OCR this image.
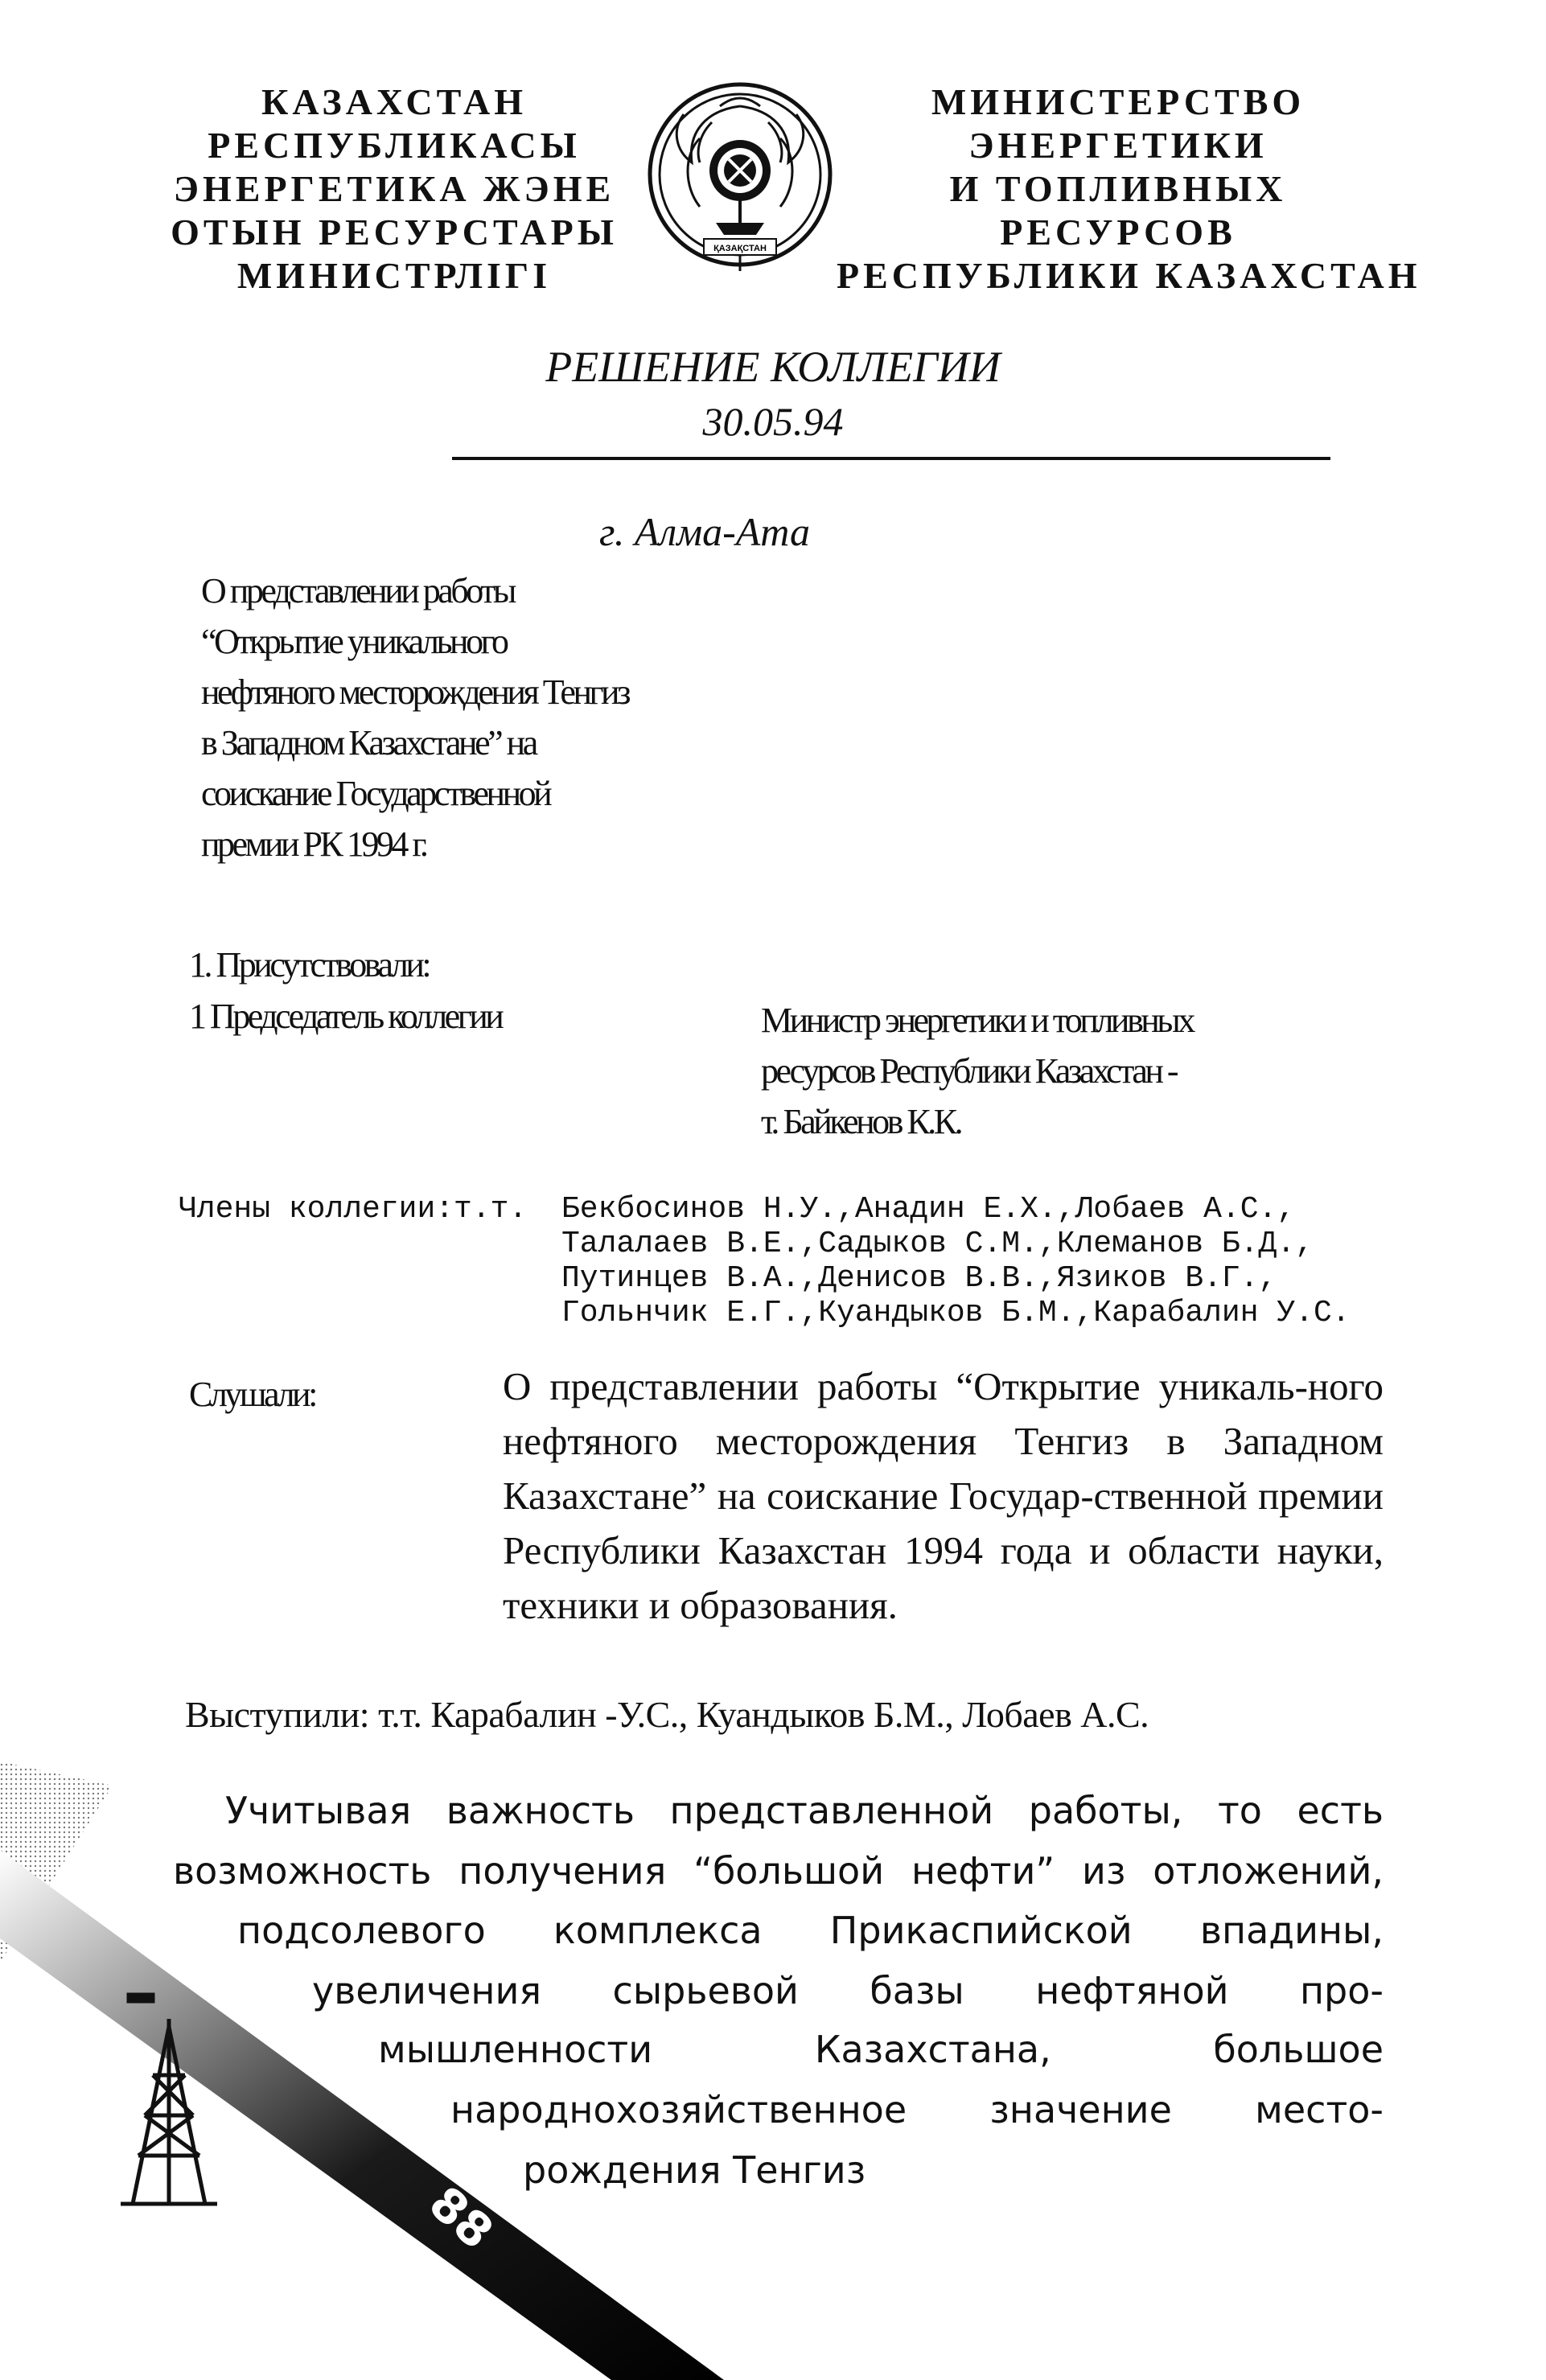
КАЗАХСТАН
РЕСПУБЛИКАСЫ
ЭНЕРГЕТИКА ЖЭНЕ
ОТЫН РЕСУРСТАРЫ
МИНИСТРЛІГІ
ҚАЗАҚСТАН
МИНИСТЕРСТВО
ЭНЕРГЕТИКИ
И ТОПЛИВНЫХ
РЕСУРСОВ
РЕСПУБЛИКИ КАЗАХСТАН
РЕШЕНИЕ КОЛЛЕГИИ
30.05.94
г. Алма-Ата
О представлении работы
“Открытие уникального
нефтяного месторождения Тенгиз
в Западном Казахстане” на
соискание Государственной
премии РК 1994 г.
1. Присутствовали:
1 Председатель коллегии	Министр энергетики и топливных
ресурсов Республики Казахстан -
т. Байкенов К.К.
Члены коллегии:т.т. Бекбосинов Н.У.,Анадин Е.Х.,Лобаев А.С.,
Талалаев В.Е.,Садыков С.М.,Клеманов Б.Д.,
Путинцев В.А.,Денисов В.В.,Язиков В.Г.,
Гольнчик Е.Г.,Куандыков Б.М.,Карабалин У.С.
Слушали:	О представлении работы “Открытие уникаль-ного нефтяного месторождения Тенгиз в Западном Казахстане” на соискание Государ-ственной премии Республики Казахстан 1994 года и области науки, техники и образования.
Выступили: т.т. Карабалин -У.С., Куандыков Б.М., Лобаев А.С.
88
Учитывая важность представленной работы, то есть
возможность получения “большой нефти” из отложений,
подсолевого комплекса Прикаспийской впадины,
увеличения сырьевой базы нефтяной про-
мышленности Казахстана, большое
народнохозяйственное значение место-
рождения Тенгиз
